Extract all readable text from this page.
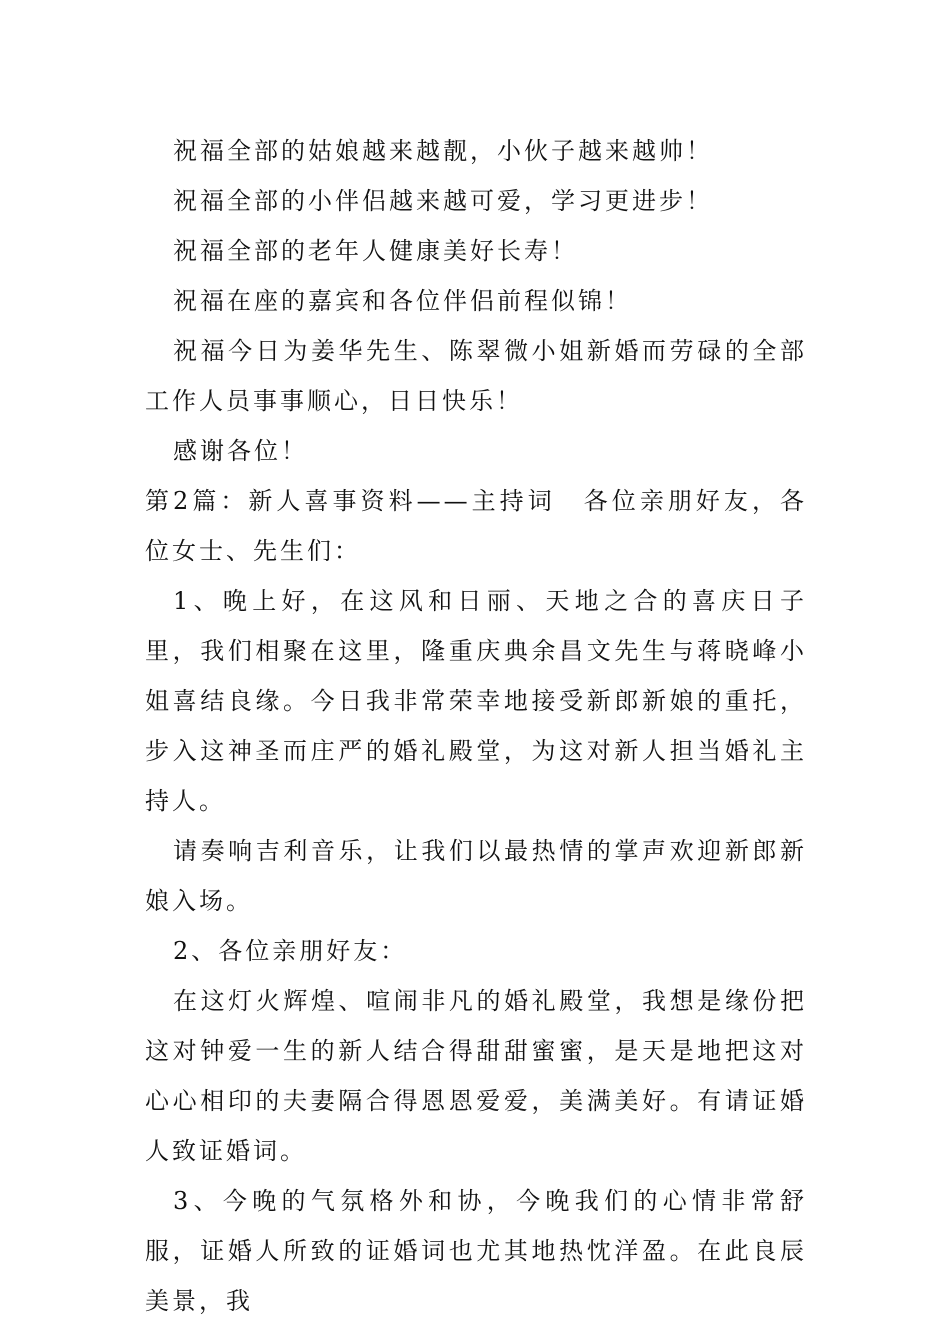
祝福全部的姑娘越来越靓，小伙子越来越帅！

祝福全部的小伴侣越来越可爱，学习更进步！

祝福全部的老年人健康美好长寿！

祝福在座的嘉宾和各位伴侣前程似锦！

祝福今日为姜华先生、陈翠微小姐新婚而劳碌的全部工作人员事事顺心，日日快乐！

感谢各位！

第2篇：新人喜事资料——主持词　各位亲朋好友，各位女士、先生们：

1、晚上好，在这风和日丽、天地之合的喜庆日子里，我们相聚在这里，隆重庆典余昌文先生与蒋晓峰小姐喜结良缘。今日我非常荣幸地接受新郎新娘的重托，步入这神圣而庄严的婚礼殿堂，为这对新人担当婚礼主持人。

请奏响吉利音乐，让我们以最热情的掌声欢迎新郎新娘入场。

2、各位亲朋好友：

在这灯火辉煌、喧闹非凡的婚礼殿堂，我想是缘份把这对钟爱一生的新人结合得甜甜蜜蜜，是天是地把这对心心相印的夫妻隔合得恩恩爱爱，美满美好。有请证婚人致证婚词。

3、今晚的气氛格外和协，今晚我们的心情非常舒服，证婚人所致的证婚词也尤其地热忱洋盈。在此良辰美景，我
